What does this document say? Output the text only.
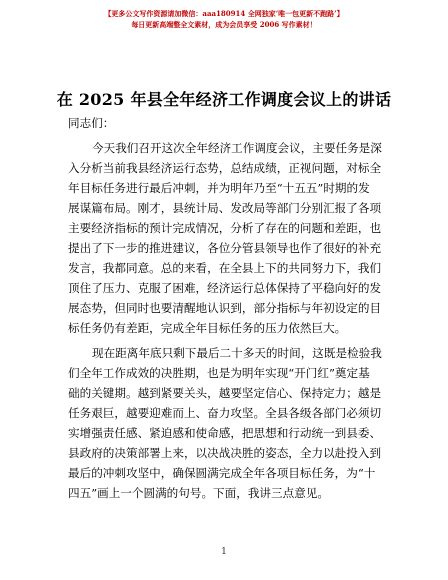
【更多公文写作资源请加微信：aaa180914 全网独家‘唯一包更新不跑路’】
每日更新高端整全文素材，成为会员享受 2006 写作素材！
在 2025 年县全年经济工作调度会议上的讲话
同志们：
今天我们召开这次全年经济工作调度会议，主要任务是深
入分析当前我县经济运行态势，总结成绩，正视问题，对标全
年目标任务进行最后冲刺，并为明年乃至“十五五”时期的发
展谋篇布局。刚才，县统计局、发改局等部门分别汇报了各项
主要经济指标的预计完成情况，分析了存在的问题和差距，也
提出了下一步的推进建议，各位分管县领导也作了很好的补充
发言，我都同意。总的来看，在全县上下的共同努力下，我们
顶住了压力、克服了困难，经济运行总体保持了平稳向好的发
展态势，但同时也要清醒地认识到，部分指标与年初设定的目
标任务仍有差距，完成全年目标任务的压力依然巨大。
现在距离年底只剩下最后二十多天的时间，这既是检验我
们全年工作成效的决胜期，也是为明年实现“开门红”奠定基
础的关键期。越到紧要关头，越要坚定信心、保持定力；越是
任务艰巨，越要迎难而上、奋力攻坚。全县各级各部门必须切
实增强责任感、紧迫感和使命感，把思想和行动统一到县委、
县政府的决策部署上来，以决战决胜的姿态，全力以赴投入到
最后的冲刺攻坚中，确保圆满完成全年各项目标任务，为“十
四五”画上一个圆满的句号。下面，我讲三点意见。
1
